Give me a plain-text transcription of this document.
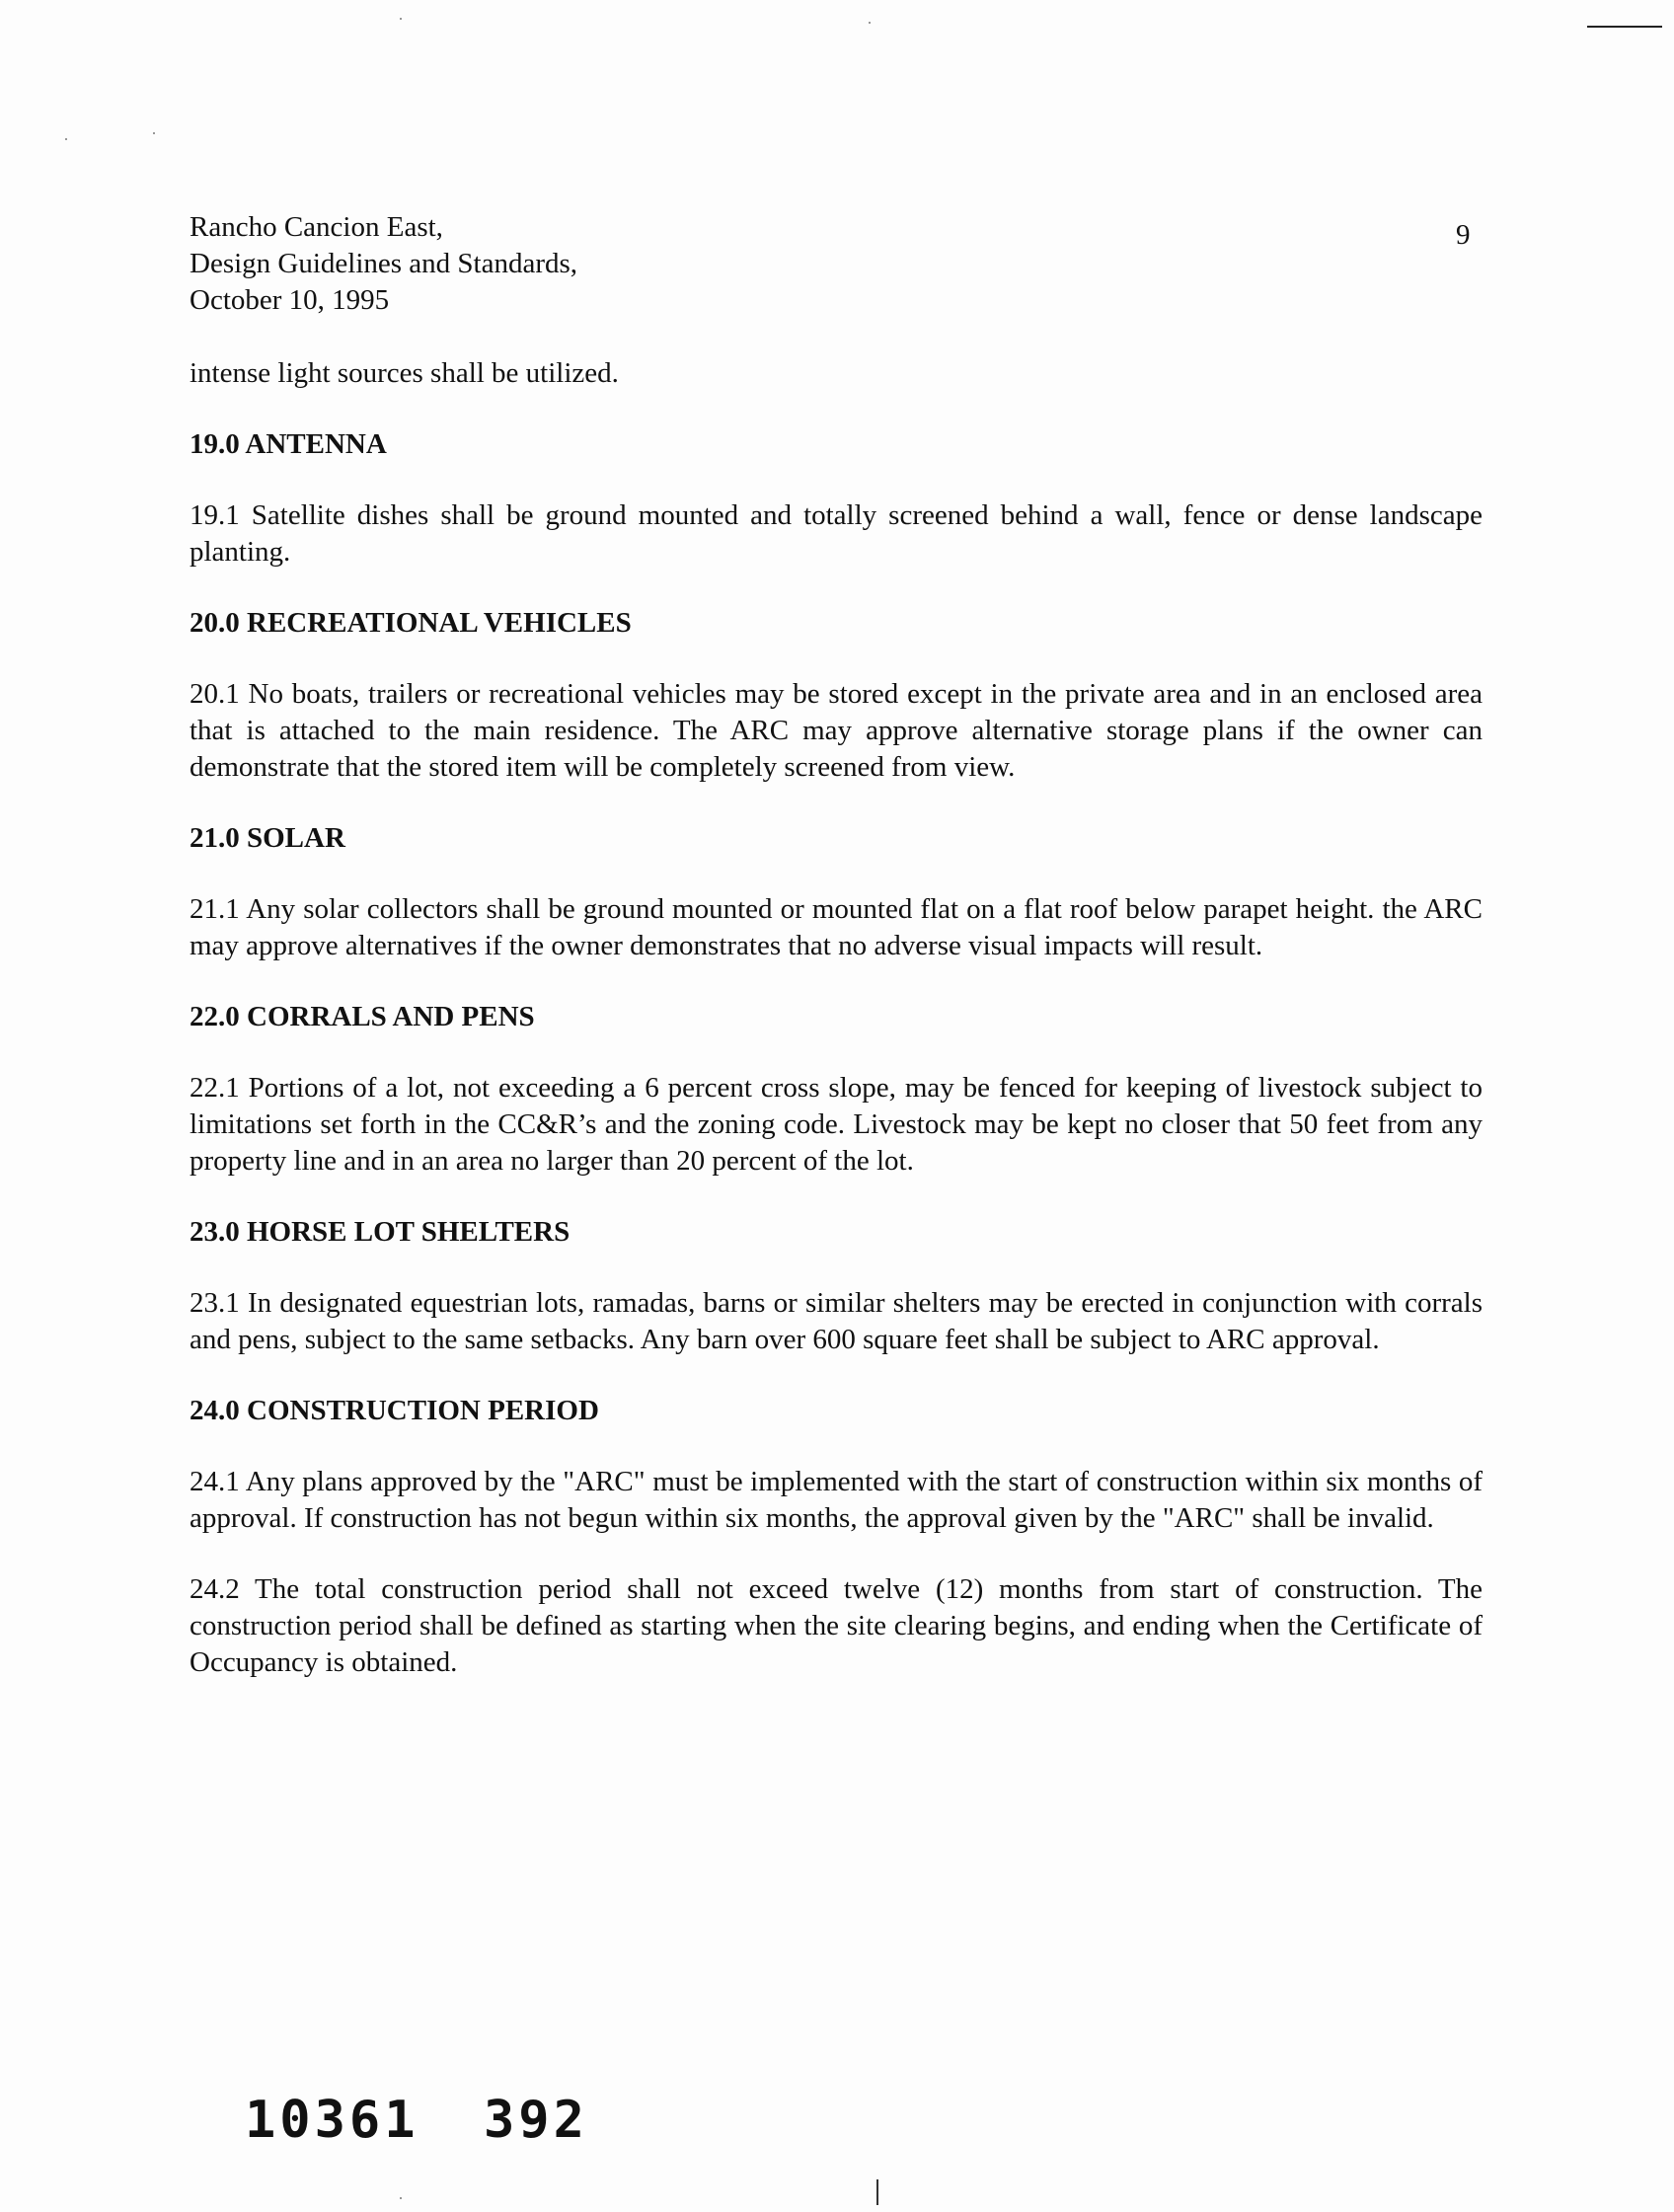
Rancho Cancion East,
Design Guidelines and Standards,
October 10, 1995
9

intense light sources shall be utilized.

19.0 ANTENNA

19.1 Satellite dishes shall be ground mounted and totally screened behind a wall, fence or dense landscape planting.

20.0 RECREATIONAL VEHICLES

20.1 No boats, trailers or recreational vehicles may be stored except in the private area and in an enclosed area that is attached to the main residence. The ARC may approve alternative storage plans if the owner can demonstrate that the stored item will be completely screened from view.

21.0 SOLAR

21.1 Any solar collectors shall be ground mounted or mounted flat on a flat roof below parapet height. the ARC may approve alternatives if the owner demonstrates that no adverse visual impacts will result.

22.0 CORRALS AND PENS

22.1 Portions of a lot, not exceeding a 6 percent cross slope, may be fenced for keeping of livestock subject to limitations set forth in the CC&R’s and the zoning code. Livestock may be kept no closer that 50 feet from any property line and in an area no larger than 20 percent of the lot.

23.0 HORSE LOT SHELTERS

23.1 In designated equestrian lots, ramadas, barns or similar shelters may be erected in conjunction with corrals and pens, subject to the same setbacks. Any barn over 600 square feet shall be subject to ARC approval.

24.0 CONSTRUCTION PERIOD

24.1 Any plans approved by the "ARC" must be implemented with the start of construction within six months of approval. If construction has not begun within six months, the approval given by the "ARC" shall be invalid.

24.2 The total construction period shall not exceed twelve (12) months from start of construction. The construction period shall be defined as starting when the site clearing begins, and ending when the Certificate of Occupancy is obtained.

10361 392
